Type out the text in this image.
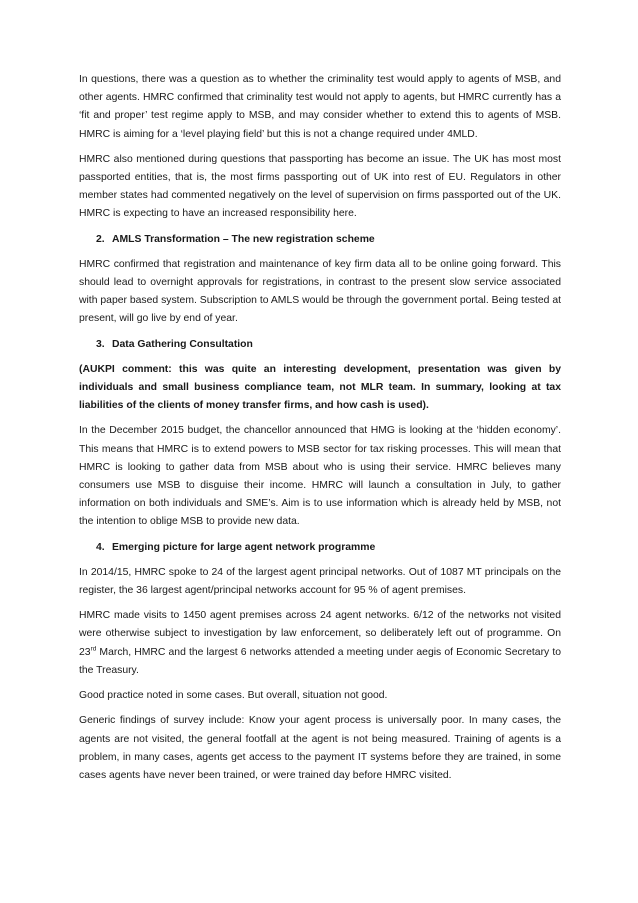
In questions, there was a question as to whether the criminality test would apply to agents of MSB, and other agents. HMRC confirmed that criminality test would not apply to agents, but HMRC currently has a ‘fit and proper’ test regime apply to MSB, and may consider whether to extend this to agents of MSB. HMRC is aiming for a ‘level playing field’ but this is not a change required under 4MLD.

HMRC also mentioned during questions that passporting has become an issue. The UK has most most passported entities, that is, the most firms passporting out of UK into rest of EU. Regulators in other member states had commented negatively on the level of supervision on firms passported out of the UK. HMRC is expecting to have an increased responsibility here.

2. AMLS Transformation – The new registration scheme

HMRC confirmed that registration and maintenance of key firm data all to be online going forward. This should lead to overnight approvals for registrations, in contrast to the present slow service associated with paper based system. Subscription to AMLS would be through the government portal. Being tested at present, will go live by end of year.

3. Data Gathering Consultation

(AUKPI comment: this was quite an interesting development, presentation was given by individuals and small business compliance team, not MLR team. In summary, looking at tax liabilities of the clients of money transfer firms, and how cash is used).

In the December 2015 budget, the chancellor announced that HMG is looking at the ‘hidden economy’. This means that HMRC is to extend powers to MSB sector for tax risking processes. This will mean that HMRC is looking to gather data from MSB about who is using their service. HMRC believes many consumers use MSB to disguise their income. HMRC will launch a consultation in July, to gather information on both individuals and SME’s. Aim is to use information which is already held by MSB, not the intention to oblige MSB to provide new data.

4. Emerging picture for large agent network programme

In 2014/15, HMRC spoke to 24 of the largest agent principal networks. Out of 1087 MT principals on the register, the 36 largest agent/principal networks account for 95 % of agent premises.

HMRC made visits to 1450 agent premises across 24 agent networks. 6/12 of the networks not visited were otherwise subject to investigation by law enforcement, so deliberately left out of programme. On 23rd March, HMRC and the largest 6 networks attended a meeting under aegis of Economic Secretary to the Treasury.

Good practice noted in some cases. But overall, situation not good.

Generic findings of survey include: Know your agent process is universally poor. In many cases, the agents are not visited, the general footfall at the agent is not being measured. Training of agents is a problem, in many cases, agents get access to the payment IT systems before they are trained, in some cases agents have never been trained, or were trained day before HMRC visited.
